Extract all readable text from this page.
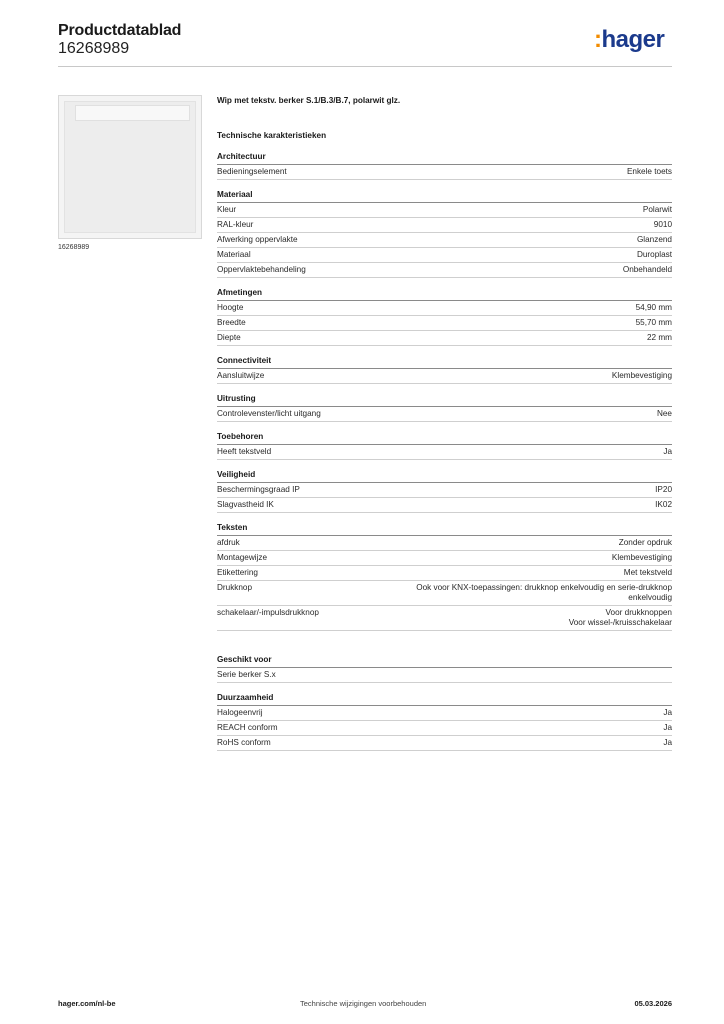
Productdatablad
16268989	:hager
16268989
Wip met tekstv. berker S.1/B.3/B.7, polarwit glz.
Technische karakteristieken
Architectuur
Bedieningselement	Enkele toets
Materiaal
Kleur	Polarwit
RAL-kleur	9010
Afwerking oppervlakte	Glanzend
Materiaal	Duroplast
Oppervlaktebehandeling	Onbehandeld
Afmetingen
Hoogte	54,90 mm
Breedte	55,70 mm
Diepte	22 mm
Connectiviteit
Aansluitwijze	Klembevestiging
Uitrusting
Controlevenster/licht uitgang	Nee
Toebehoren
Heeft tekstveld	Ja
Veiligheid
Beschermingsgraad IP	IP20
Slagvastheid IK	IK02
Teksten
afdruk	Zonder opdruk
Montagewijze	Klembevestiging
Etikettering	Met tekstveld
Drukknop	Ook voor KNX-toepassingen: drukknop enkelvoudig en serie-drukknop
enkelvoudig
schakelaar/-impulsdrukknop	Voor drukknoppen
Voor wissel-/kruisschakelaar
Geschikt voor
Serie berker S.x
Duurzaamheid
Halogeenvrij	Ja
REACH conform	Ja
RoHS conform	Ja
hager.com/nl-be	Technische wijzigingen voorbehouden	05.03.2026
